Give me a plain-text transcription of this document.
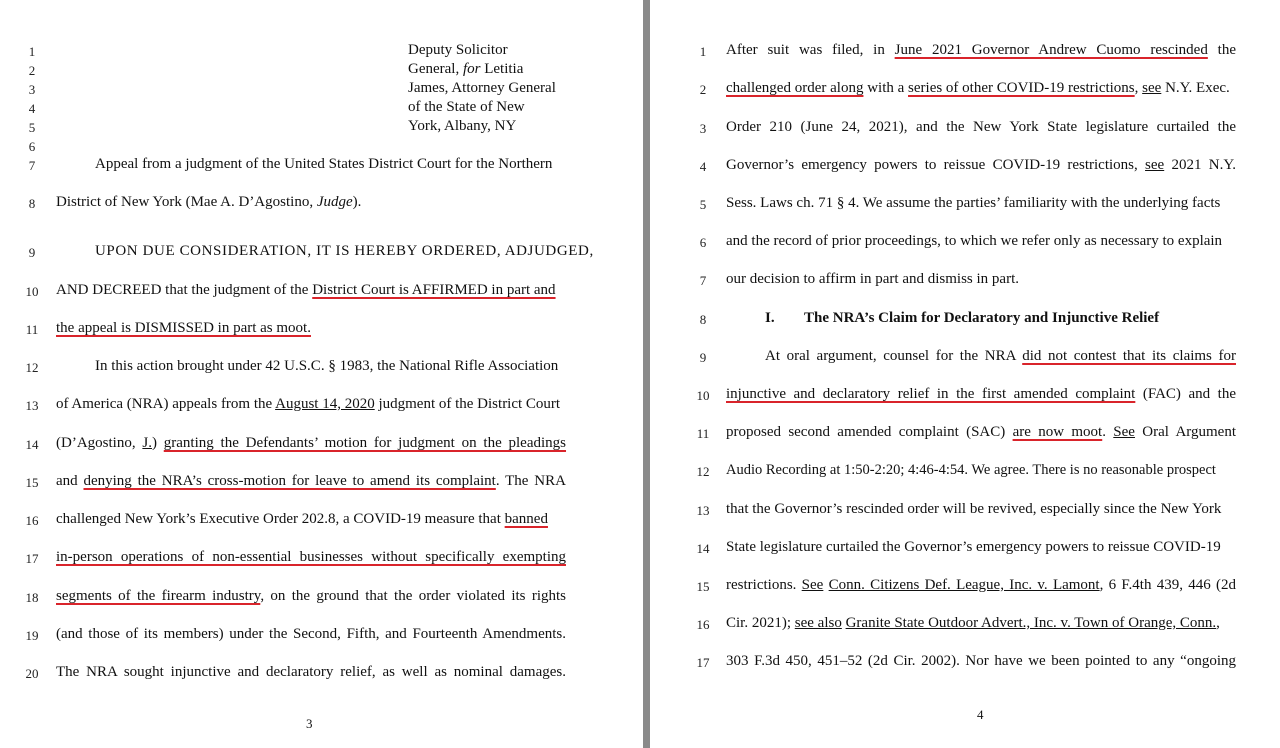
Deputy Solicitor
General, for Letitia
James, Attorney General
of the State of New
York, Albany, NY
1
2
3
4
5
6
7
8
9
10
11
12
13
14
15
16
17
18
19
20
Appeal from a judgment of the United States District Court for the Northern
District of New York (Mae A. D’Agostino, Judge).
UPON DUE CONSIDERATION, IT IS HEREBY ORDERED, ADJUDGED,
AND DECREED that the judgment of the District Court is AFFIRMED in part and
the appeal is DISMISSED in part as moot.
In this action brought under 42 U.S.C. § 1983, the National Rifle Association
of America (NRA) appeals from the August 14, 2020 judgment of the District Court
(D’Agostino, J.) granting the Defendants’ motion for judgment on the pleadings
and denying the NRA’s cross-motion for leave to amend its complaint. The NRA
challenged New York’s Executive Order 202.8, a COVID-19 measure that banned
in-person operations of non-essential businesses without specifically exempting
segments of the firearm industry, on the ground that the order violated its rights
(and those of its members) under the Second, Fifth, and Fourteenth Amendments.
The NRA sought injunctive and declaratory relief, as well as nominal damages.
3
1
2
3
4
5
6
7
8
9
10
11
12
13
14
15
16
17
After suit was filed, in June 2021 Governor Andrew Cuomo rescinded the
challenged order along with a series of other COVID-19 restrictions, see N.Y. Exec.
Order 210 (June 24, 2021), and the New York State legislature curtailed the
Governor’s emergency powers to reissue COVID-19 restrictions, see 2021 N.Y.
Sess. Laws ch. 71 § 4. We assume the parties’ familiarity with the underlying facts
and the record of prior proceedings, to which we refer only as necessary to explain
our decision to affirm in part and dismiss in part.
I. The NRA’s Claim for Declaratory and Injunctive Relief
At oral argument, counsel for the NRA did not contest that its claims for
injunctive and declaratory relief in the first amended complaint (FAC) and the
proposed second amended complaint (SAC) are now moot. See Oral Argument
Audio Recording at 1:50-2:20; 4:46-4:54. We agree. There is no reasonable prospect
that the Governor’s rescinded order will be revived, especially since the New York
State legislature curtailed the Governor’s emergency powers to reissue COVID-19
restrictions. See Conn. Citizens Def. League, Inc. v. Lamont, 6 F.4th 439, 446 (2d
Cir. 2021); see also Granite State Outdoor Advert., Inc. v. Town of Orange, Conn.,
303 F.3d 450, 451–52 (2d Cir. 2002). Nor have we been pointed to any “ongoing
4
